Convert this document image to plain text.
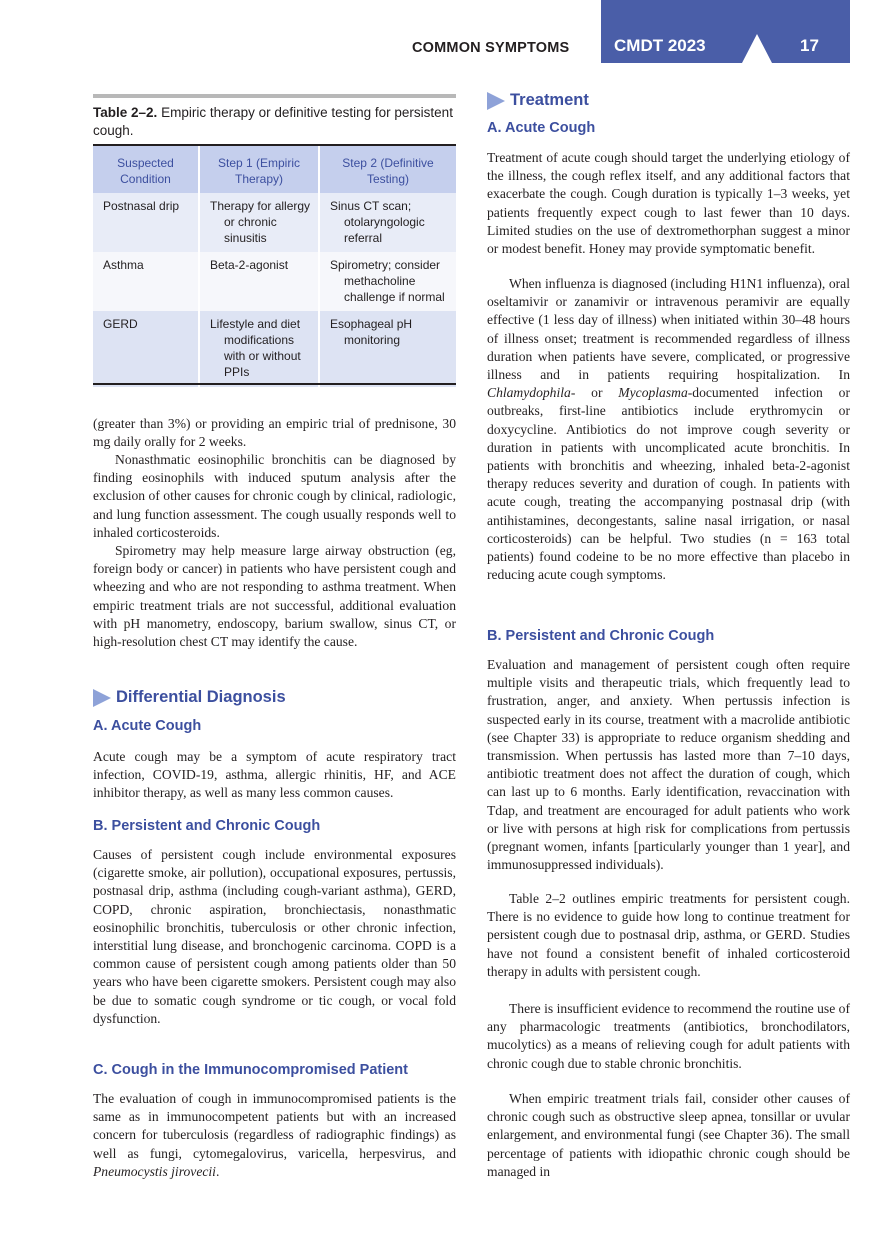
COMMON SYMPTOMS	CMDT 2023	17
Table 2–2. Empiric therapy or definitive testing for persistent cough.
Suspected Condition	Step 1 (Empiric Therapy)	Step 2 (Definitive Testing)

Postnasal drip	Therapy for allergy or chronic sinusitis	Sinus CT scan; otolaryngologic referral

Asthma	Beta-2-agonist	Spirometry; consider methacholine challenge if normal

GERD	Lifestyle and diet modifications with or without PPIs	Esophageal pH monitoring

(greater than 3%) or providing an empiric trial of prednisone, 30 mg daily orally for 2 weeks.

Nonasthmatic eosinophilic bronchitis can be diagnosed by finding eosinophils with induced sputum analysis after the exclusion of other causes for chronic cough by clinical, radiologic, and lung function assessment. The cough usually responds well to inhaled corticosteroids.

Spirometry may help measure large airway obstruction (eg, foreign body or cancer) in patients who have persistent cough and wheezing and who are not responding to asthma treatment. When empiric treatment trials are not successful, additional evaluation with pH manometry, endoscopy, barium swallow, sinus CT, or high-resolution chest CT may identify the cause.

Differential Diagnosis
A. Acute Cough

Acute cough may be a symptom of acute respiratory tract infection, COVID-19, asthma, allergic rhinitis, HF, and ACE inhibitor therapy, as well as many less common causes.

B. Persistent and Chronic Cough

Causes of persistent cough include environmental exposures (cigarette smoke, air pollution), occupational exposures, pertussis, postnasal drip, asthma (including cough-variant asthma), GERD, COPD, chronic aspiration, bronchiectasis, nonasthmatic eosinophilic bronchitis, tuberculosis or other chronic infection, interstitial lung disease, and bronchogenic carcinoma. COPD is a common cause of persistent cough among patients older than 50 years who have been cigarette smokers. Persistent cough may also be due to somatic cough syndrome or tic cough, or vocal fold dysfunction.

C. Cough in the Immunocompromised Patient

The evaluation of cough in immunocompromised patients is the same as in immunocompetent patients but with an increased concern for tuberculosis (regardless of radiographic findings) as well as fungi, cytomegalovirus, varicella, herpesvirus, and Pneumocystis jirovecii.

Treatment
A. Acute Cough

Treatment of acute cough should target the underlying etiology of the illness, the cough reflex itself, and any additional factors that exacerbate the cough. Cough duration is typically 1–3 weeks, yet patients frequently expect cough to last fewer than 10 days. Limited studies on the use of dextromethorphan suggest a minor or modest benefit. Honey may provide symptomatic benefit.

When influenza is diagnosed (including H1N1 influenza), oral oseltamivir or zanamivir or intravenous peramivir are equally effective (1 less day of illness) when initiated within 30–48 hours of illness onset; treatment is recommended regardless of illness duration when patients have severe, complicated, or progressive illness and in patients requiring hospitalization. In Chlamydophila- or Mycoplasma-documented infection or outbreaks, first-line antibiotics include erythromycin or doxycycline. Antibiotics do not improve cough severity or duration in patients with uncomplicated acute bronchitis. In patients with bronchitis and wheezing, inhaled beta-2-agonist therapy reduces severity and duration of cough. In patients with acute cough, treating the accompanying postnasal drip (with antihistamines, decongestants, saline nasal irrigation, or nasal corticosteroids) can be helpful. Two studies (n = 163 total patients) found codeine to be no more effective than placebo in reducing acute cough symptoms.

B. Persistent and Chronic Cough

Evaluation and management of persistent cough often require multiple visits and therapeutic trials, which frequently lead to frustration, anger, and anxiety. When pertussis infection is suspected early in its course, treatment with a macrolide antibiotic (see Chapter 33) is appropriate to reduce organism shedding and transmission. When pertussis has lasted more than 7–10 days, antibiotic treatment does not affect the duration of cough, which can last up to 6 months. Early identification, revaccination with Tdap, and treatment are encouraged for adult patients who work or live with persons at high risk for complications from pertussis (pregnant women, infants [particularly younger than 1 year], and immunosuppressed individuals).

Table 2–2 outlines empiric treatments for persistent cough. There is no evidence to guide how long to continue treatment for persistent cough due to postnasal drip, asthma, or GERD. Studies have not found a consistent benefit of inhaled corticosteroid therapy in adults with persistent cough.

There is insufficient evidence to recommend the routine use of any pharmacologic treatments (antibiotics, bronchodilators, mucolytics) as a means of relieving cough for adult patients with chronic cough due to stable chronic bronchitis.

When empiric treatment trials fail, consider other causes of chronic cough such as obstructive sleep apnea, tonsillar or uvular enlargement, and environmental fungi (see Chapter 36). The small percentage of patients with idiopathic chronic cough should be managed in
